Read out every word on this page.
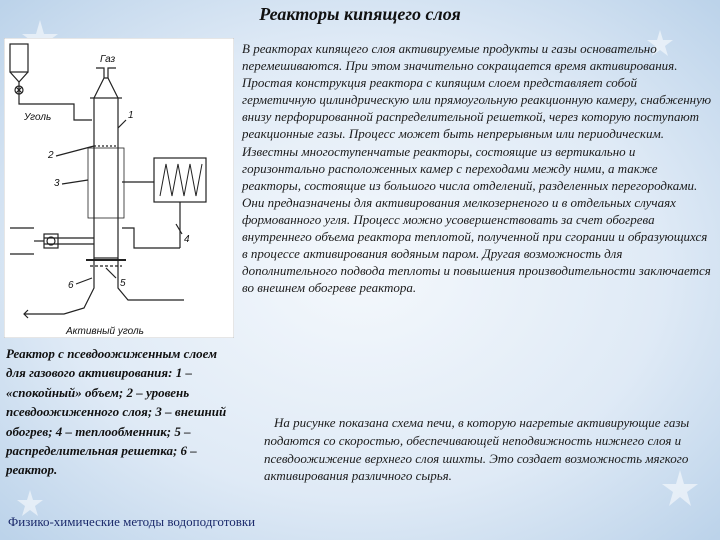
Реакторы кипящего слоя
Газ
Уголь
Активный уголь
1
2
3
4
5
6

В реакторах кипящего слоя активируемые продукты и газы основательно перемешиваются. При этом значительно сокращается время активирования. Простая конструкция реактора с кипящим слоем представляет собой герметичную цилиндрическую или прямоугольную реакционную камеру, снабженную внизу перфорированной распределительной решеткой, через которую поступают реакционные газы. Процесс может быть непрерывным или периодическим. Известны многоступенчатые реакторы, состоящие из вертикально и горизонтально расположенных камер с переходами между ними, а также реакторы, состоящие из большого числа отделений, разделенных перегородками. Они предназначены для активирования мелкозерненого и в отдельных случаях формованного угля. Процесс можно усовершенствовать за счет обогрева внутреннего объема реактора теплотой, полученной при сгорании и образующихся в процессе активирования водяным паром. Другая возможность для дополнительного подвода теплоты и повышения производительности заключается во внешнем обогреве реактора.

На рисунке показана схема печи, в которую нагретые активирующие газы подаются со скоростью, обеспечивающей неподвижность нижнего слоя и псевдоожижение верхнего слоя шихты. Это создает возможность мягкого активирования различного сырья.

Реактор с псевдоожиженным слоем для газового активирования: 1 – «спокойный» объем; 2 – уровень псевдоожиженного слоя; 3 – внешний обогрев; 4 – теплообменник; 5 – распределительная решетка; 6 – реактор.
Физико-химические методы водоподготовки
